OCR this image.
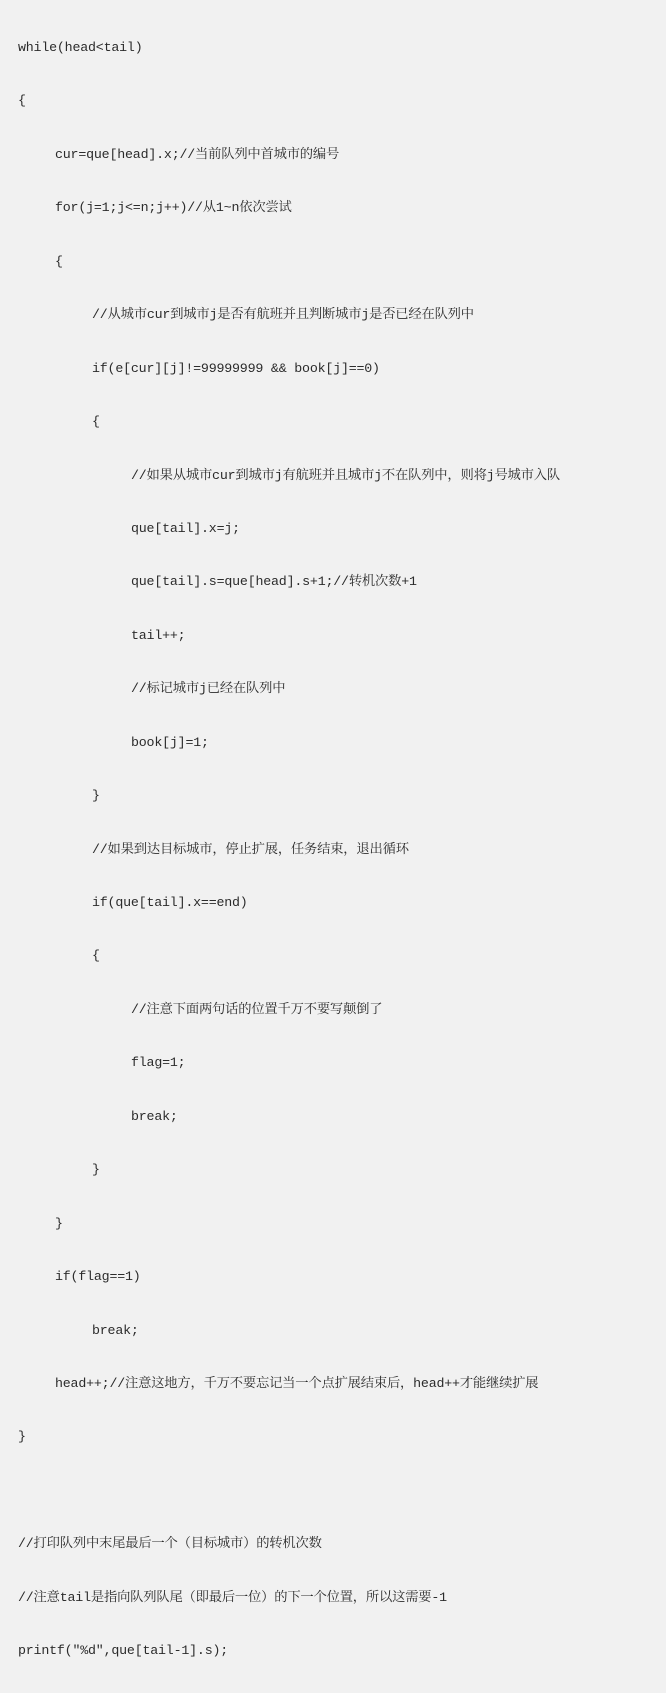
while(head<tail)

{

cur=que[head].x;//当前队列中首城市的编号

for(j=1;j<=n;j++)//从1~n依次尝试

{

//从城市cur到城市j是否有航班并且判断城市j是否已经在队列中

if(e[cur][j]!=99999999 && book[j]==0)

{

//如果从城市cur到城市j有航班并且城市j不在队列中，则将j号城市入队

que[tail].x=j;

que[tail].s=que[head].s+1;//转机次数+1

tail++;

//标记城市j已经在队列中

book[j]=1;

}

//如果到达目标城市，停止扩展，任务结束，退出循环

if(que[tail].x==end)

{

//注意下面两句话的位置千万不要写颠倒了

flag=1;

break;

}

}

if(flag==1)

break;

head++;//注意这地方，千万不要忘记当一个点扩展结束后，head++才能继续扩展

}

//打印队列中末尾最后一个（目标城市）的转机次数

//注意tail是指向队列队尾（即最后一位）的下一个位置，所以这需要-1

printf("%d",que[tail-1].s);
